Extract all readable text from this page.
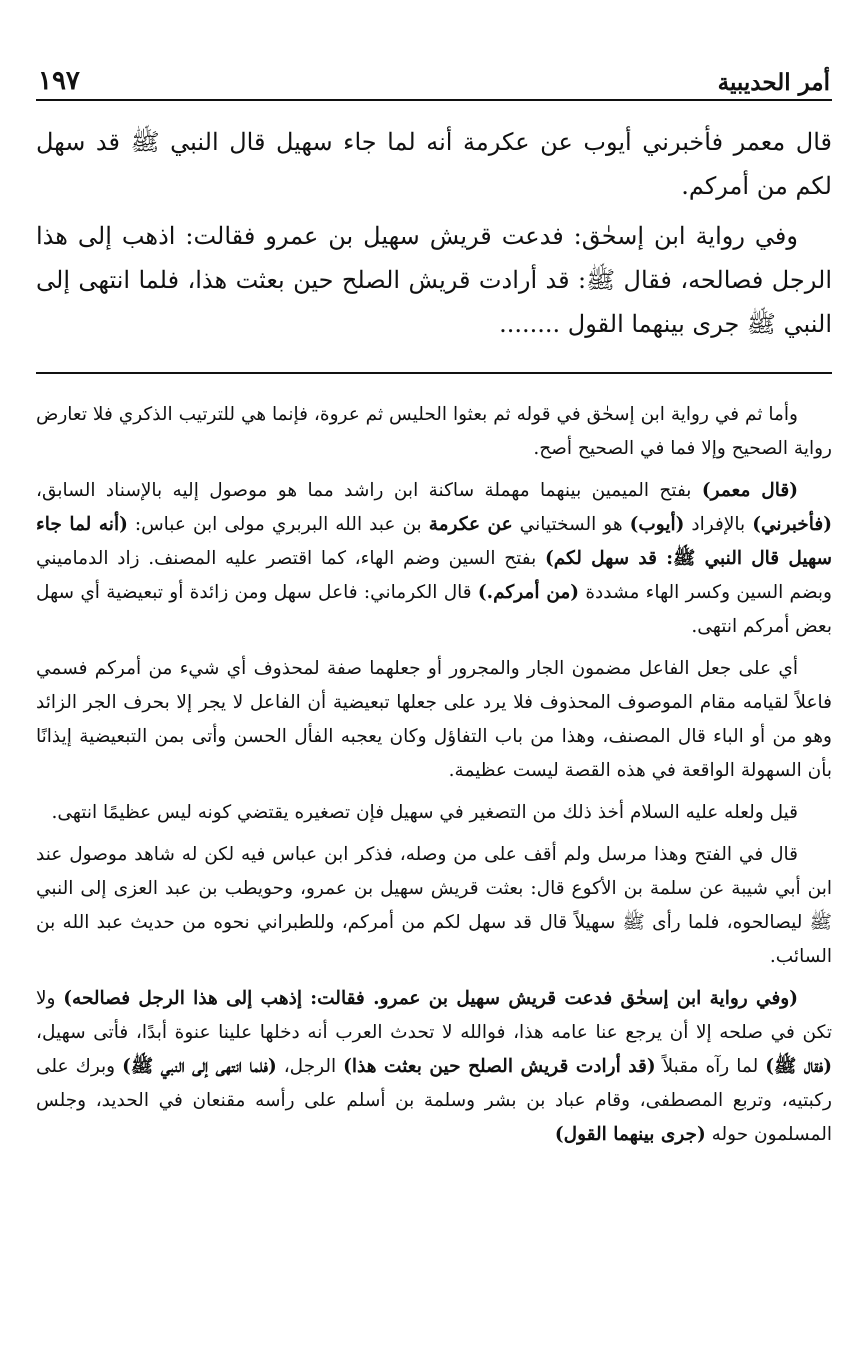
أمر الحديبية
١٩٧

قال معمر فأخبرني أيوب عن عكرمة أنه لما جاء سهيل قال النبي ﷺ قد سهل لكم من أمركم.

وفي رواية ابن إسحٰق: فدعت قريش سهيل بن عمرو فقالت: اذهب إلى هذا الرجل فصالحه، فقال ﷺ: قد أرادت قريش الصلح حين بعثت هذا، فلما انتهى إلى النبي ﷺ جرى بينهما القول ........

وأما ثم في رواية ابن إسحٰق في قوله ثم بعثوا الحليس ثم عروة، فإنما هي للترتيب الذكري فلا تعارض رواية الصحيح وإلا فما في الصحيح أصح.

(قال معمر) بفتح الميمين بينهما مهملة ساكنة ابن راشد مما هو موصول إليه بالإسناد السابق، (فأخبرني) بالإفراد (أيوب) هو السختياني عن عكرمة بن عبد الله البربري مولى ابن عباس: (أنه لما جاء سهيل قال النبي ﷺ: قد سهل لكم) بفتح السين وضم الهاء، كما اقتصر عليه المصنف. زاد الدماميني وبضم السين وكسر الهاء مشددة (من أمركم.) قال الكرماني: فاعل سهل ومن زائدة أو تبعيضية أي سهل بعض أمركم انتهى.

أي على جعل الفاعل مضمون الجار والمجرور أو جعلهما صفة لمحذوف أي شيء من أمركم فسمي فاعلاً لقيامه مقام الموصوف المحذوف فلا يرد على جعلها تبعيضية أن الفاعل لا يجر إلا بحرف الجر الزائد وهو من أو الباء قال المصنف، وهذا من باب التفاؤل وكان يعجبه الفأل الحسن وأتى بمن التبعيضية إيذانًا بأن السهولة الواقعة في هذه القصة ليست عظيمة.

قيل ولعله عليه السلام أخذ ذلك من التصغير في سهيل فإن تصغيره يقتضي كونه ليس عظيمًا انتهى.

قال في الفتح وهذا مرسل ولم أقف على من وصله، فذكر ابن عباس فيه لكن له شاهد موصول عند ابن أبي شيبة عن سلمة بن الأكوع قال: بعثت قريش سهيل بن عمرو، وحويطب بن عبد العزى إلى النبي ﷺ ليصالحوه، فلما رأى ﷺ سهيلاً قال قد سهل لكم من أمركم، وللطبراني نحوه من حديث عبد الله بن السائب.

(وفي رواية ابن إسحٰق فدعت قريش سهيل بن عمرو. فقالت: إذهب إلى هذا الرجل فصالحه) ولا تكن في صلحه إلا أن يرجع عنا عامه هذا، فوالله لا تحدث العرب أنه دخلها علينا عنوة أبدًا، فأتى سهيل، (فقال ﷺ) لما رآه مقبلاً (قد أرادت قريش الصلح حين بعثت هذا) الرجل، (فلما انتهى إلى النبي ﷺ) وبرك على ركبتيه، وتربع المصطفى، وقام عباد بن بشر وسلمة بن أسلم على رأسه مقنعان في الحديد، وجلس المسلمون حوله (جرى بينهما القول)
